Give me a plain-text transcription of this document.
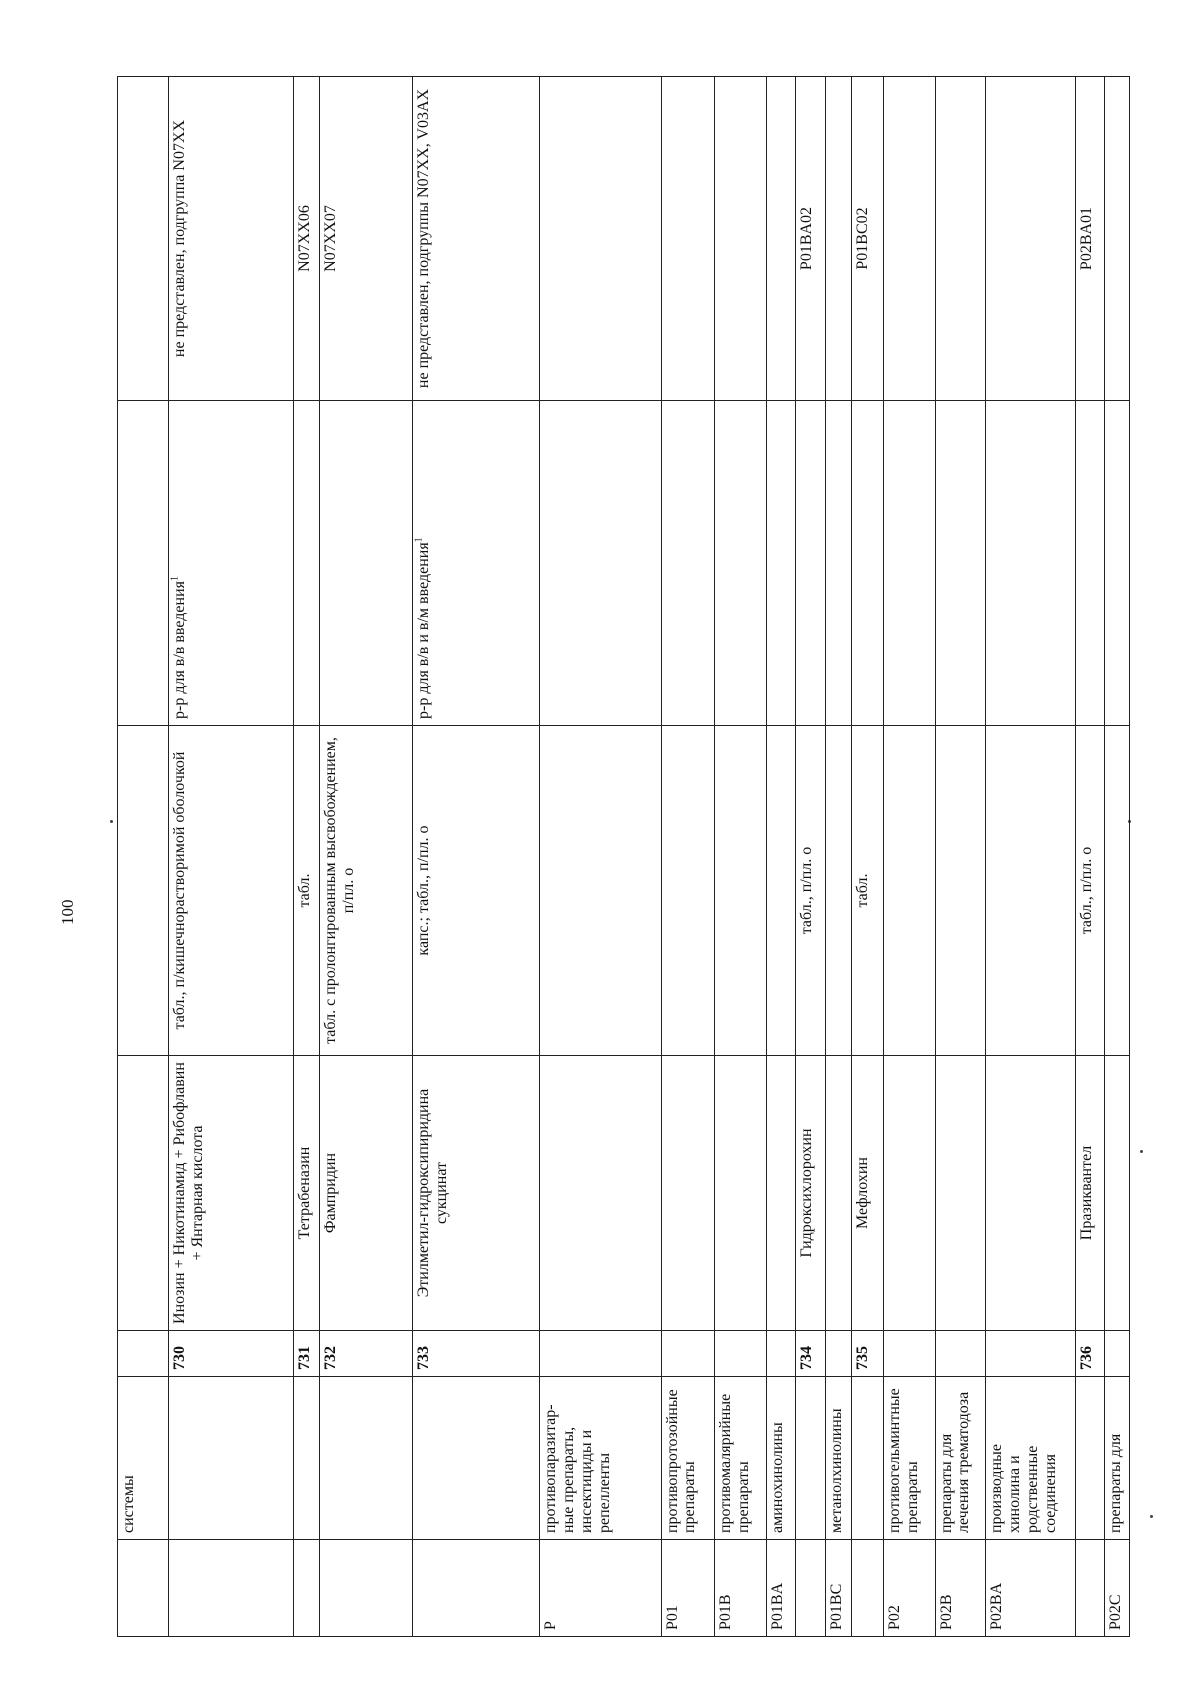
100
	системы					
		730	Инозин + Никотинамид + Рибофлавин + Янтарная кислота	табл., п/кишечнорастворимой оболочкой	р-р для в/в введения$^1$	не представлен, подгруппа N07XX
		731	Тетрабеназин	табл.		N07XX06
		732	Фампридин	табл. с пролонгированным высвобождением, п/пл. о		N07XX07
		733	Этилметил-гидроксипиридина сукцинат	капс.; табл., п/пл. о	р-р для в/в и в/м введения$^1$	не представлен, подгруппы N07XX, V03AX
P	противопаразитар-ные препараты, инсектициды и репелленты					
P01	противопротозойные препараты					
P01B	противомалярийные препараты					
P01BA	аминохинолины					
		734	Гидроксихлорохин	табл., п/пл. о		P01BA02
P01BC	метанолхинолины					
		735	Мефлохин	табл.		P01BC02
P02	противогельминтные препараты					
P02B	препараты для лечения трематодоза					
P02BA	производные хинолина и родственные соединения					
		736	Празиквантел	табл., п/пл. о		P02BA01
P02C	препараты для					
